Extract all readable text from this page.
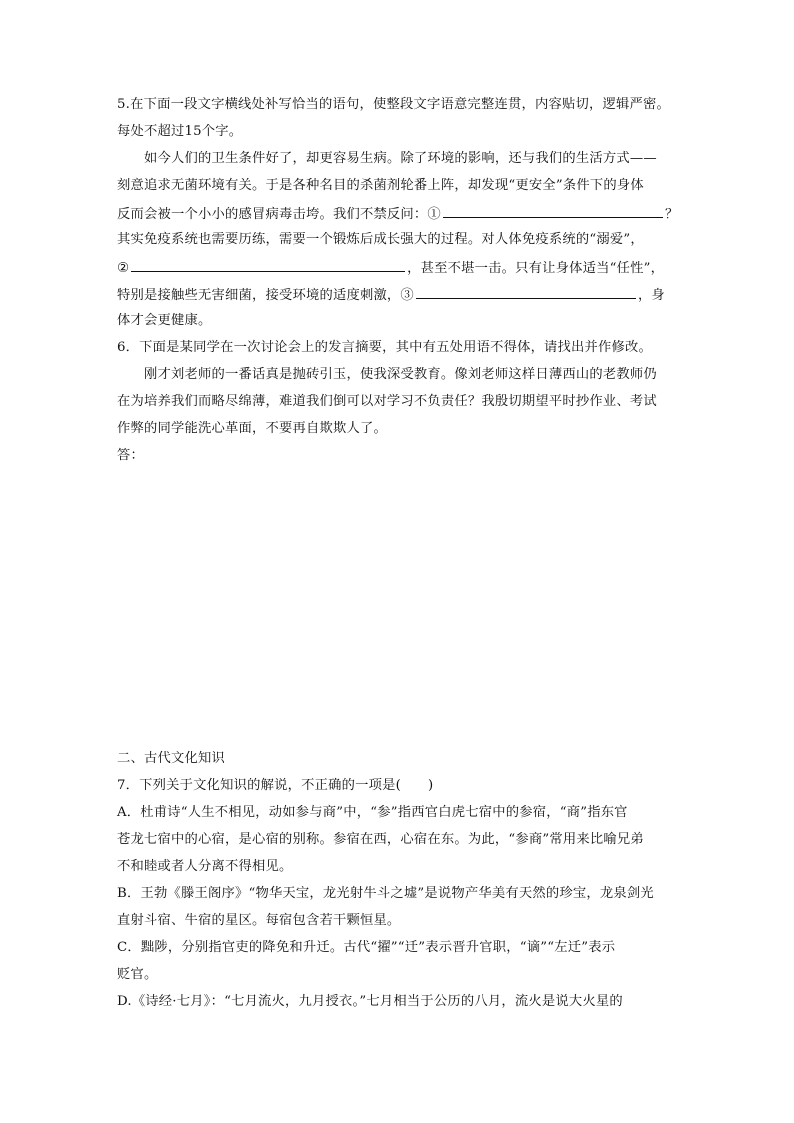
5.在下面一段文字横线处补写恰当的语句，使整段文字语意完整连贯，内容贴切，逻辑严密。
每处不超过15个字。
如今人们的卫生条件好了，却更容易生病。除了环境的影响，还与我们的生活方式——
刻意追求无菌环境有关。于是各种名目的杀菌剂轮番上阵，却发现“更安全”条件下的身体
反而会被一个小小的感冒病毒击垮。我们不禁反问：①	？
其实免疫系统也需要历练，需要一个锻炼后成长强大的过程。对人体免疫系统的“溺爱”，
②	，甚至不堪一击。只有让身体适当“任性”，
特别是接触些无害细菌，接受环境的适度刺激，③	，身
体才会更健康。
6．下面是某同学在一次讨论会上的发言摘要，其中有五处用语不得体，请找出并作修改。
刚才刘老师的一番话真是抛砖引玉，使我深受教育。像刘老师这样日薄西山的老教师仍
在为培养我们而略尽绵薄，难道我们倒可以对学习不负责任？我殷切期望平时抄作业、考试
作弊的同学能洗心革面，不要再自欺欺人了。
答：
二、古代文化知识
7．下列关于文化知识的解说，不正确的一项是(　　)
A．杜甫诗“人生不相见，动如参与商”中，“参”指西官白虎七宿中的参宿，“商”指东官
苍龙七宿中的心宿，是心宿的别称。参宿在西，心宿在东。为此，“参商”常用来比喻兄弟
不和睦或者人分离不得相见。
B．王勃《滕王阁序》“物华天宝，龙光射牛斗之墟”是说物产华美有天然的珍宝，龙泉剑光
直射斗宿、牛宿的星区。每宿包含若干颗恒星。
C．黜陟，分别指官吏的降免和升迁。古代“擢”“迁”表示晋升官职，“谪”“左迁”表示
贬官。
D.《诗经·七月》：“七月流火，九月授衣。”七月相当于公历的八月，流火是说大火星的
